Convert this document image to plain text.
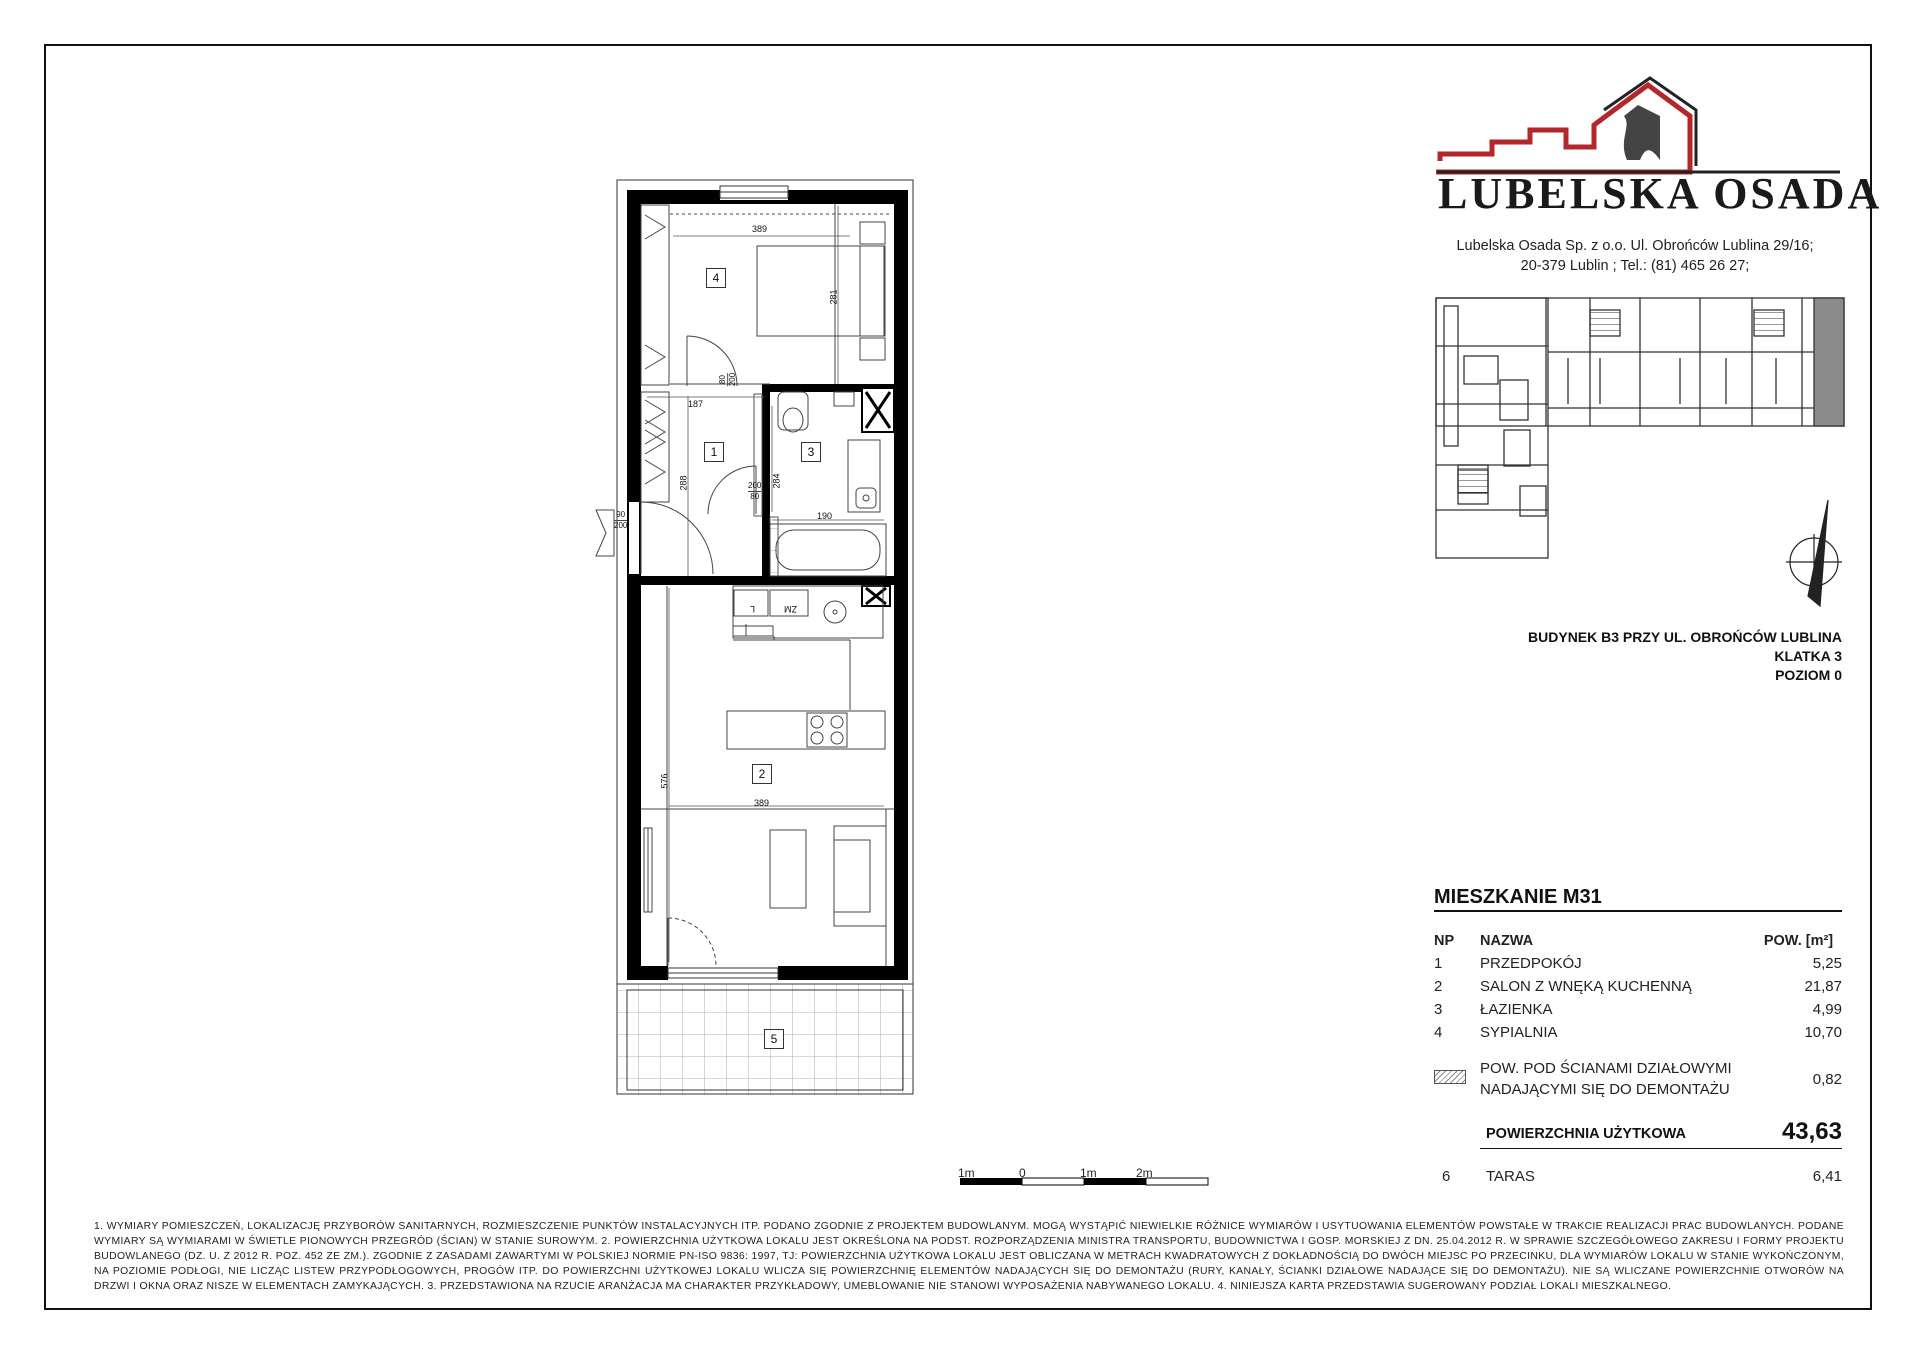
4
1	3
2
5
389
281
187
288	284
190
389
576
80 200
200
80
90
200
L	ZM
1m	0	1m	2m
LUBELSKA OSADA
Lubelska Osada Sp. z o.o. Ul. Obrońców Lublina 29/16;
20-379 Lublin ; Tel.: (81) 465 26 27;
BUDYNEK B3 PRZY UL. OBROŃCÓW LUBLINA
KLATKA 3
POZIOM 0
MIESZKANIE M31
NP	NAZWA	POW. [m²]
1	PRZEDPOKÓJ	5,25
2	SALON Z WNĘKĄ KUCHENNĄ	21,87
3	ŁAZIENKA	4,99
4	SYPIALNIA	10,70

	POW. POD ŚCIANAMI DZIAŁOWYMI
NADAJĄCYMI SIĘ DO DEMONTAŻU	0,82
POWIERZCHNIA UŻYTKOWA	43,63
6 TARAS	6,41
1. WYMIARY POMIESZCZEŃ, LOKALIZACJĘ PRZYBORÓW SANITARNYCH, ROZMIESZCZENIE PUNKTÓW INSTALACYJNYCH ITP. PODANO ZGODNIE Z PROJEKTEM BUDOWLANYM. MOGĄ WYSTĄPIĆ NIEWIELKIE RÓŻNICE WYMIARÓW I USYTUOWANIA ELEMENTÓW POWSTAŁE W TRAKCIE REALIZACJI PRAC BUDOWLANYCH. PODANE WYMIARY SĄ WYMIARAMI W ŚWIETLE PIONOWYCH PRZEGRÓD (ŚCIAN) W STANIE SUROWYM. 2. POWIERZCHNIA UŻYTKOWA LOKALU JEST OKREŚLONA NA PODST. ROZPORZĄDZENIA MINISTRA TRANSPORTU, BUDOWNICTWA I GOSP. MORSKIEJ Z DN. 25.04.2012 R. W SPRAWIE SZCZEGÓŁOWEGO ZAKRESU I FORMY PROJEKTU BUDOWLANEGO (DZ. U. Z 2012 R. POZ. 452 ZE ZM.). ZGODNIE Z ZASADAMI ZAWARTYMI W POLSKIEJ NORMIE PN-ISO 9836: 1997, TJ: POWIERZCHNIA UŻYTKOWA LOKALU JEST OBLICZANA W METRACH KWADRATOWYCH Z DOKŁADNOŚCIĄ DO DWÓCH MIEJSC PO PRZECINKU, DLA WYMIARÓW LOKALU W STANIE WYKOŃCZONYM, NA POZIOMIE PODŁOGI, NIE LICZĄC LISTEW PRZYPODŁOGOWYCH, PROGÓW ITP. DO POWIERZCHNI UŻYTKOWEJ LOKALU WLICZA SIĘ POWIERZCHNIĘ ELEMENTÓW NADAJĄCYCH SIĘ DO DEMONTAŻU (RURY, KANAŁY, ŚCIANKI DZIAŁOWE NADAJĄCE SIĘ DO DEMONTAŻU). NIE SĄ WLICZANE POWIERZCHNIE OTWORÓW NA DRZWI I OKNA ORAZ NISZE W ELEMENTACH ZAMYKAJĄCYCH. 3. PRZEDSTAWIONA NA RZUCIE ARANŻACJA MA CHARAKTER PRZYKŁADOWY, UMEBLOWANIE NIE STANOWI WYPOSAŻENIA NABYWANEGO LOKALU. 4. NINIEJSZA KARTA PRZEDSTAWIA SUGEROWANY PODZIAŁ LOKALI MIESZKALNEGO.
